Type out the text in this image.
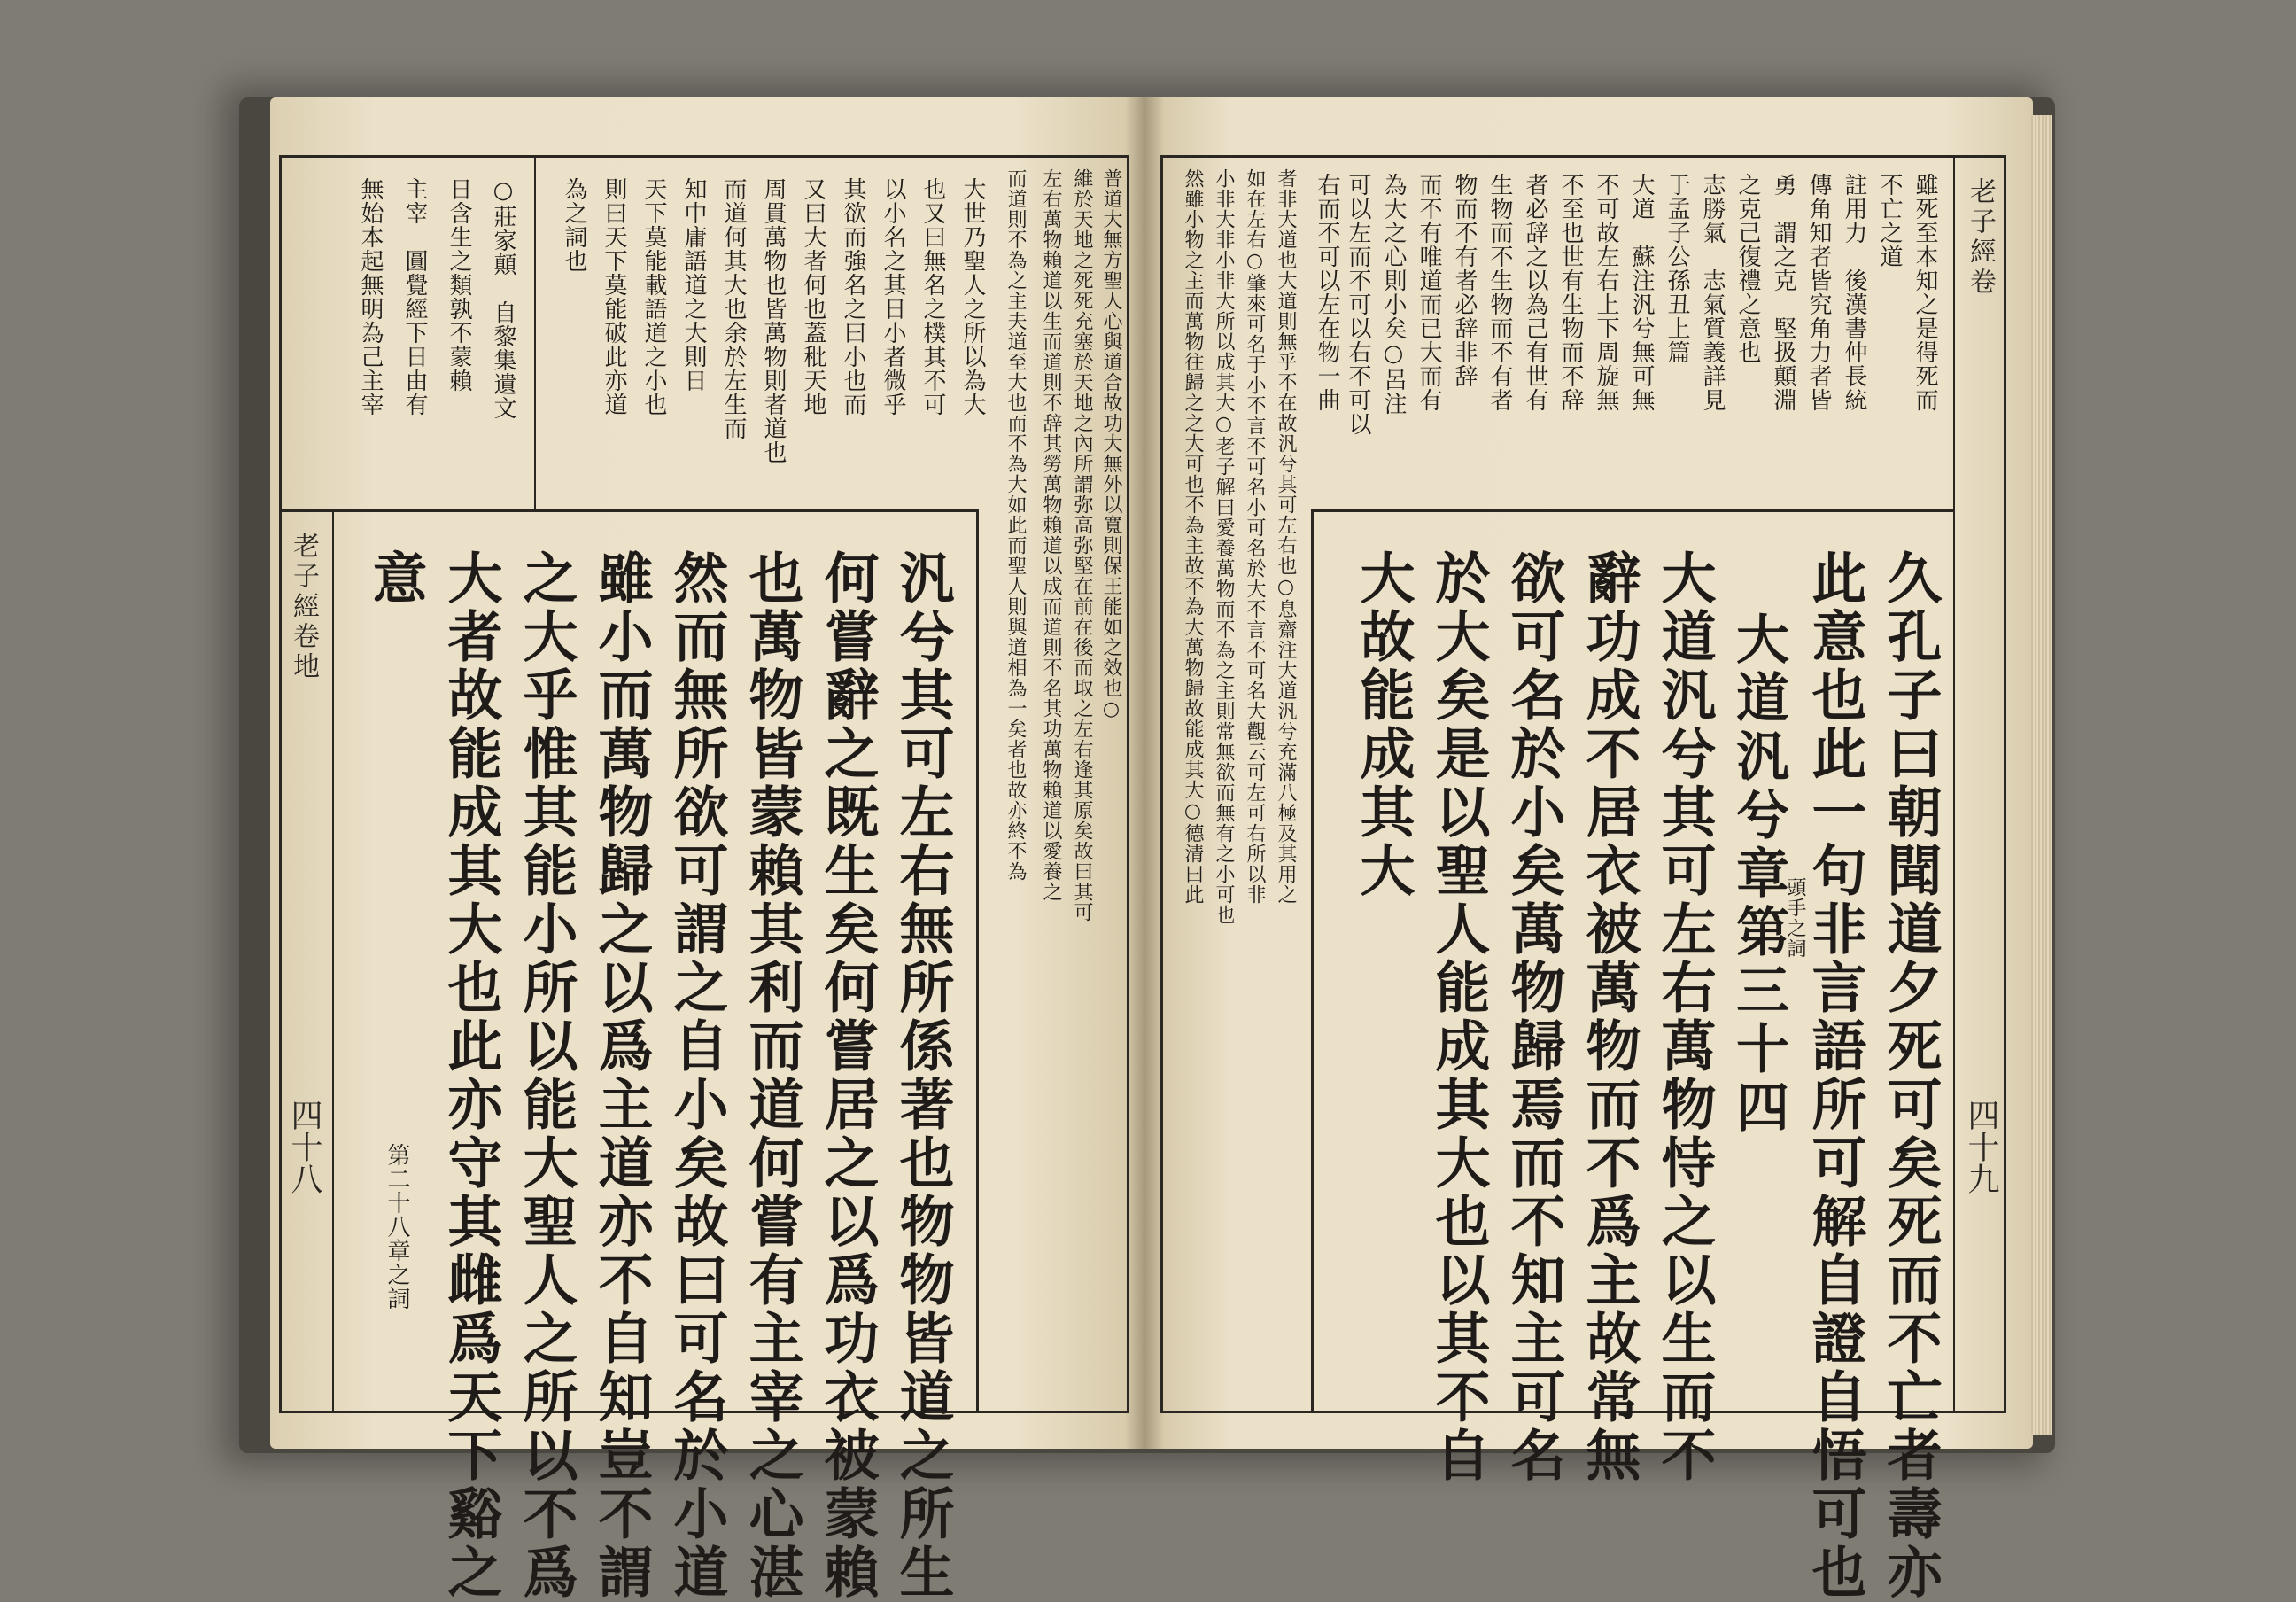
老子經卷地
四十八
○莊家顛　自黎集遺文
日含生之類孰不蒙賴
主宰　圓覺經下日由有
無始本起無明為己主宰	為之詞也 則曰天下莫能破此亦道 天下莫能載語道之小也 知中庸語道之大則日 而道何其大也余於左生而 周貫萬物也皆萬物則者道也 又曰大者何也蓋秕天地 其欲而強名之曰小也而 以小名之其日小者微乎 也又曰無名之樸其不可 大世乃聖人之所以為大 而道則不為之主夫道至大也而不為大如此而聖人則與道相為一矣者也故亦終不為 左右萬物賴道以生而道則不辞其勞萬物賴道以成而道則不名其功萬物賴道以愛養之 維於天地之死死充塞於天地之內所謂弥高弥堅在前在後而取之左右逢其原矣故曰其可 普道大無方聖人心與道合故功大無外以寬則保王能如之效也○
汎兮其可左右無所係著也物物皆道之所生
何嘗辭之既生矣何嘗居之以爲功衣被蒙賴
也萬物皆蒙賴其利而道何嘗有主宰之心湛
然而無所欲可謂之自小矣故曰可名於小道
雖小而萬物歸之以爲主道亦不自知豈不謂
之大乎惟其能小所以能大聖人之所以不爲
大者故能成其大也此亦守其雌爲天下谿之
意
第二十八章之詞
老子經卷
四十九
雖死至本知之是得死而
不亡之道
註用力　後漢書仲長統
傳角知者皆究角力者皆
勇　謂之克　堅扱顛淵
之克己復禮之意也
志勝氣　志氣質義詳見
于孟子公孫丑上篇
大道　蘇注汎兮無可無
不可故左右上下周旋無
不至也世有生物而不辞
者必辞之以為己有世有
生物而不生物而不有者
物而不有者必辞非辞
而不有唯道而已大而有
為大之心則小矣○呂注
可以左而不可以右不可以
右而不可以左在物一曲
者非大道也大道則無乎不在故汎兮其可左右也○息齋注大道汎兮充滿八極及其用之
如在左右○肇來可名于小不言不可名小可名於大不言不可名大觀云可左可右所以非
小非大非小非大所以成其大○老子解曰愛養萬物而不為之主則常無欲而無有之小可也
然雖小物之主而萬物往歸之之大可也不為主故不為大萬物歸故能成其大○德清曰此
久孔子曰朝聞道夕死可矣死而不亡者壽亦
此意也此一句非言語所可解自證自悟可也
大道汎兮章第三十四
大道汎兮其可左右萬物恃之以生而不
辭功成不居衣被萬物而不爲主故常無
欲可名於小矣萬物歸焉而不知主可名
於大矣是以聖人能成其大也以其不自
大故能成其大
頭手之詞
